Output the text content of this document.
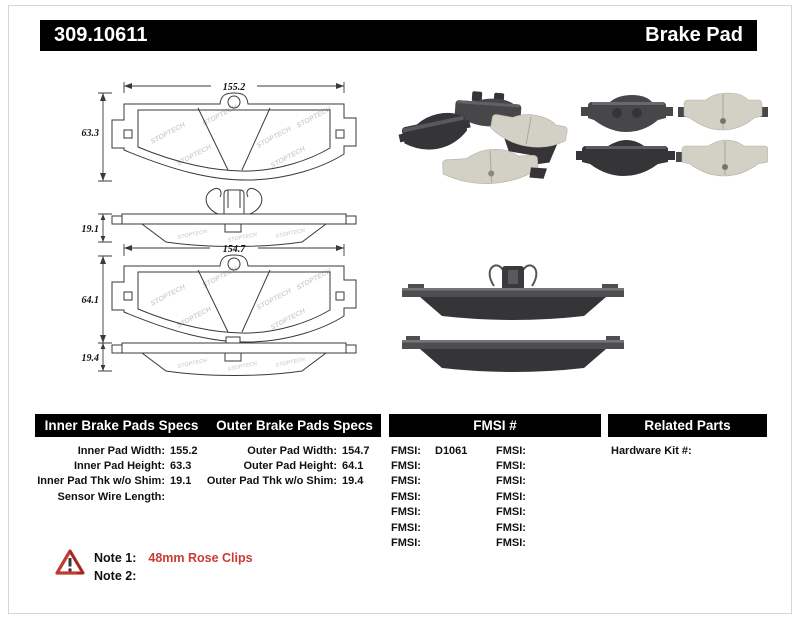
309.10611	Brake Pad
155.2
63.3	STOPTECH
STOPTECH
STOPTECH
STOPTECH
STOPTECH	STOPTECH
STOPTECH	STOPTECH	STOPTECH
19.1
154.7
64.1	STOPTECH
STOPTECH
STOPTECH
STOPTECH
STOPTECH	STOPTECH
STOPTECH	STOPTECH	STOPTECH
19.4
Inner Brake Pads Specs	Outer Brake Pads Specs	FMSI #	Related Parts
Inner Pad Width: 155.2
Inner Pad Height: 63.3
Inner Pad Thk w/o Shim: 19.1
Sensor Wire Length:
Outer Pad Width: 154.7
Outer Pad Height: 64.1
Outer Pad Thk w/o Shim: 19.4
FMSI:	D1061
FMSI:
FMSI:
FMSI:
FMSI:
FMSI:
FMSI:
FMSI:
FMSI:
FMSI:
FMSI:
FMSI:
FMSI:
FMSI:
Hardware Kit #:
Note 1: 48mm Rose Clips
Note 2:
